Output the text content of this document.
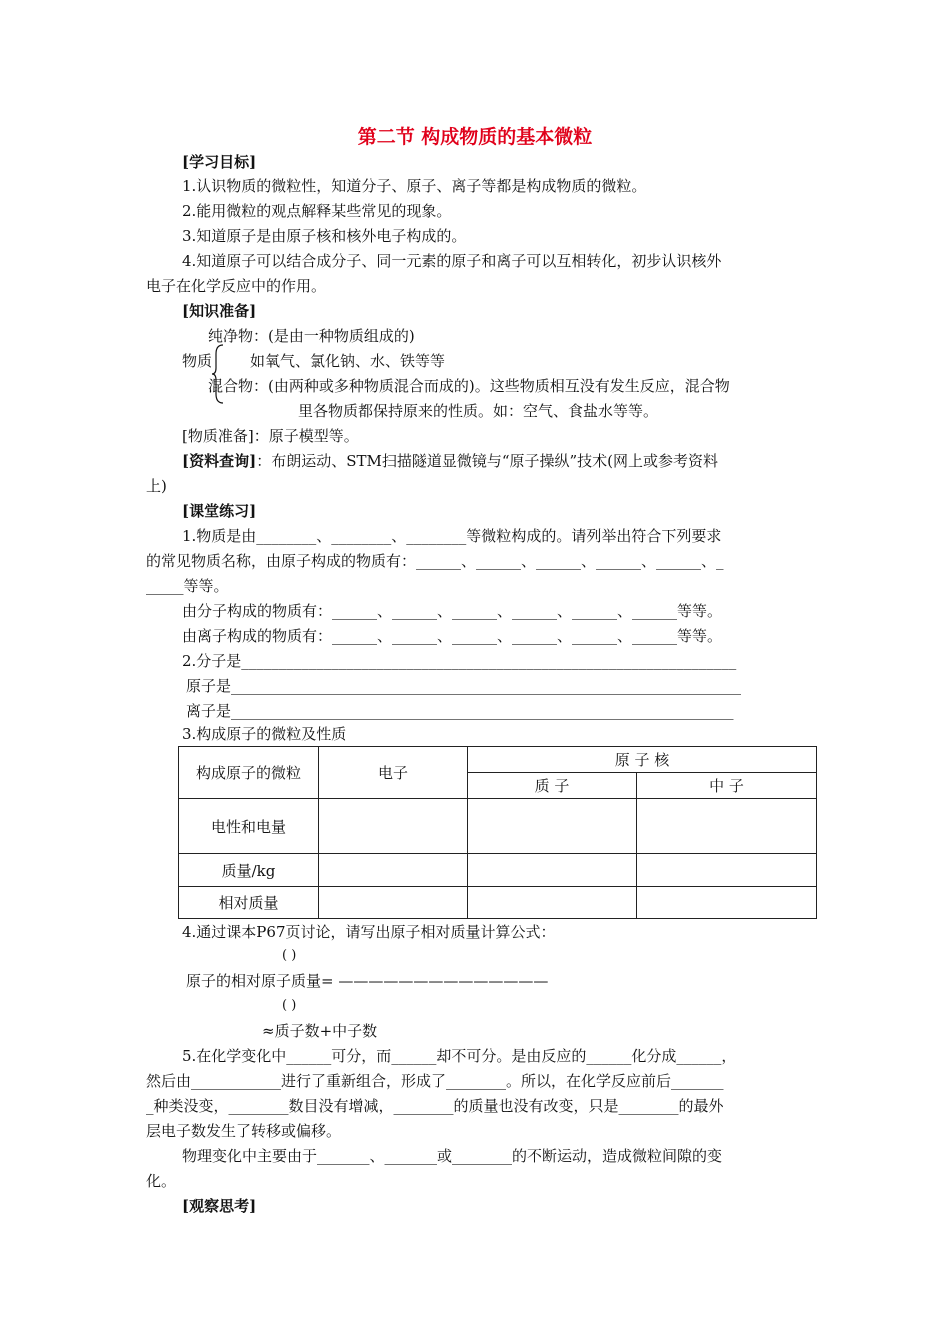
第二节 构成物质的基本微粒
[学习目标]
1.认识物质的微粒性，知道分子、原子、离子等都是构成物质的微粒。
2.能用微粒的观点解释某些常见的现象。
3.知道原子是由原子核和核外电子构成的。
4.知道原子可以结合成分子、同一元素的原子和离子可以互相转化，初步认识核外
电子在化学反应中的作用。
[知识准备]
纯净物：(是由一种物质组成的)
物质	如氧气、氯化钠、水、铁等等
混合物：(由两种或多种物质混合而成的)。这些物质相互没有发生反应，混合物
里各物质都保持原来的性质。如：空气、食盐水等等。
[物质准备]：原子模型等。
[资料查询]：布朗运动、STM扫描隧道显微镜与“原子操纵”技术(网上或参考资料
上)
[课堂练习]
1.物质是由________、________、________等微粒构成的。请列举出符合下列要求
的常见物质名称，由原子构成的物质有：______、______、______、______、______、_
_____等等。
由分子构成的物质有：______、______、______、______、______、______等等。
由离子构成的物质有：______、______、______、______、______、______等等。
2.分子是__________________________________________________________________
原子是____________________________________________________________________
离子是___________________________________________________________________
3.构成原子的微粒及性质
构成原子的微粒	电子	原 子 核	
		质 子	中 子
电性和电量			
质量/kg			
相对质量			
4.通过课本P67页讨论，请写出原子相对质量计算公式：
( )
原子的相对原子质量= ——————————————
( )
≈质子数+中子数
5.在化学变化中______可分，而______却不可分。是由反应的______化分成______，
然后由____________进行了重新组合，形成了________。所以，在化学反应前后_______
_种类没变，________数目没有增减，________的质量也没有改变，只是________的最外
层电子数发生了转移或偏移。
物理变化中主要由于_______、_______或________的不断运动，造成微粒间隙的变
化。
[观察思考]
